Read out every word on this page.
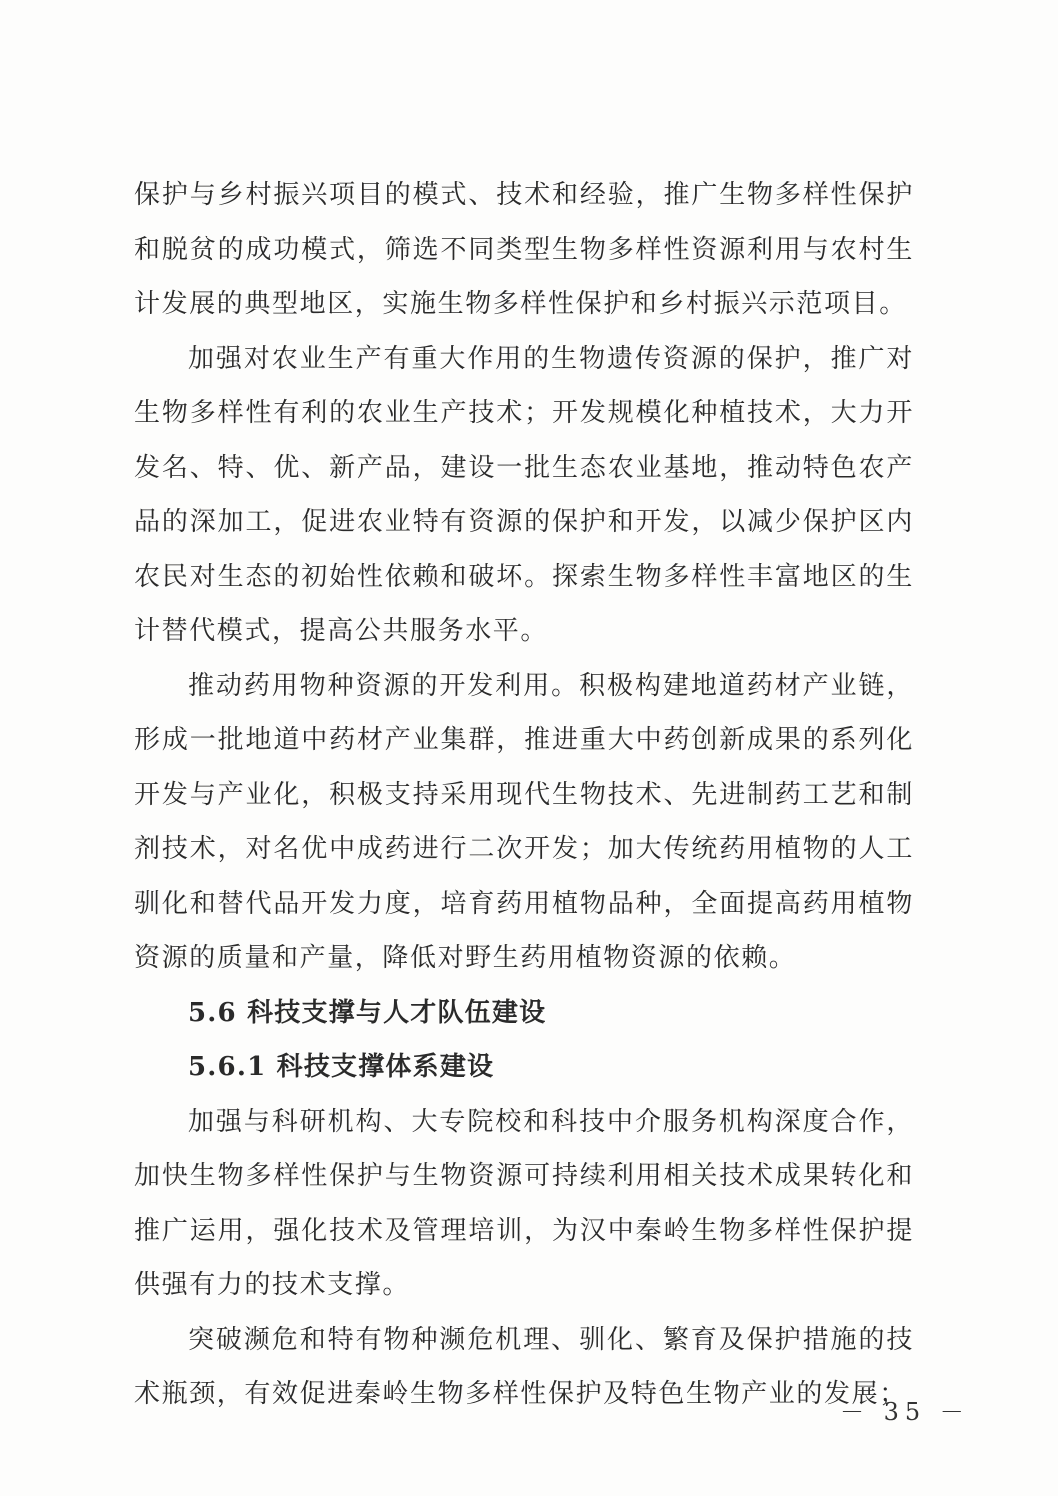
保护与乡村振兴项目的模式、技术和经验，推广生物多样性保护和脱贫的成功模式，筛选不同类型生物多样性资源利用与农村生计发展的典型地区，实施生物多样性保护和乡村振兴示范项目。

加强对农业生产有重大作用的生物遗传资源的保护，推广对生物多样性有利的农业生产技术；开发规模化种植技术，大力开发名、特、优、新产品，建设一批生态农业基地，推动特色农产品的深加工，促进农业特有资源的保护和开发，以减少保护区内农民对生态的初始性依赖和破坏。探索生物多样性丰富地区的生计替代模式，提高公共服务水平。

推动药用物种资源的开发利用。积极构建地道药材产业链，形成一批地道中药材产业集群，推进重大中药创新成果的系列化开发与产业化，积极支持采用现代生物技术、先进制药工艺和制剂技术，对名优中成药进行二次开发；加大传统药用植物的人工驯化和替代品开发力度，培育药用植物品种，全面提高药用植物资源的质量和产量，降低对野生药用植物资源的依赖。

5.6 科技支撑与人才队伍建设
5.6.1 科技支撑体系建设

加强与科研机构、大专院校和科技中介服务机构深度合作，加快生物多样性保护与生物资源可持续利用相关技术成果转化和推广运用，强化技术及管理培训，为汉中秦岭生物多样性保护提供强有力的技术支撑。

突破濒危和特有物种濒危机理、驯化、繁育及保护措施的技术瓶颈，有效促进秦岭生物多样性保护及特色生物产业的发展；

－ 35 －
